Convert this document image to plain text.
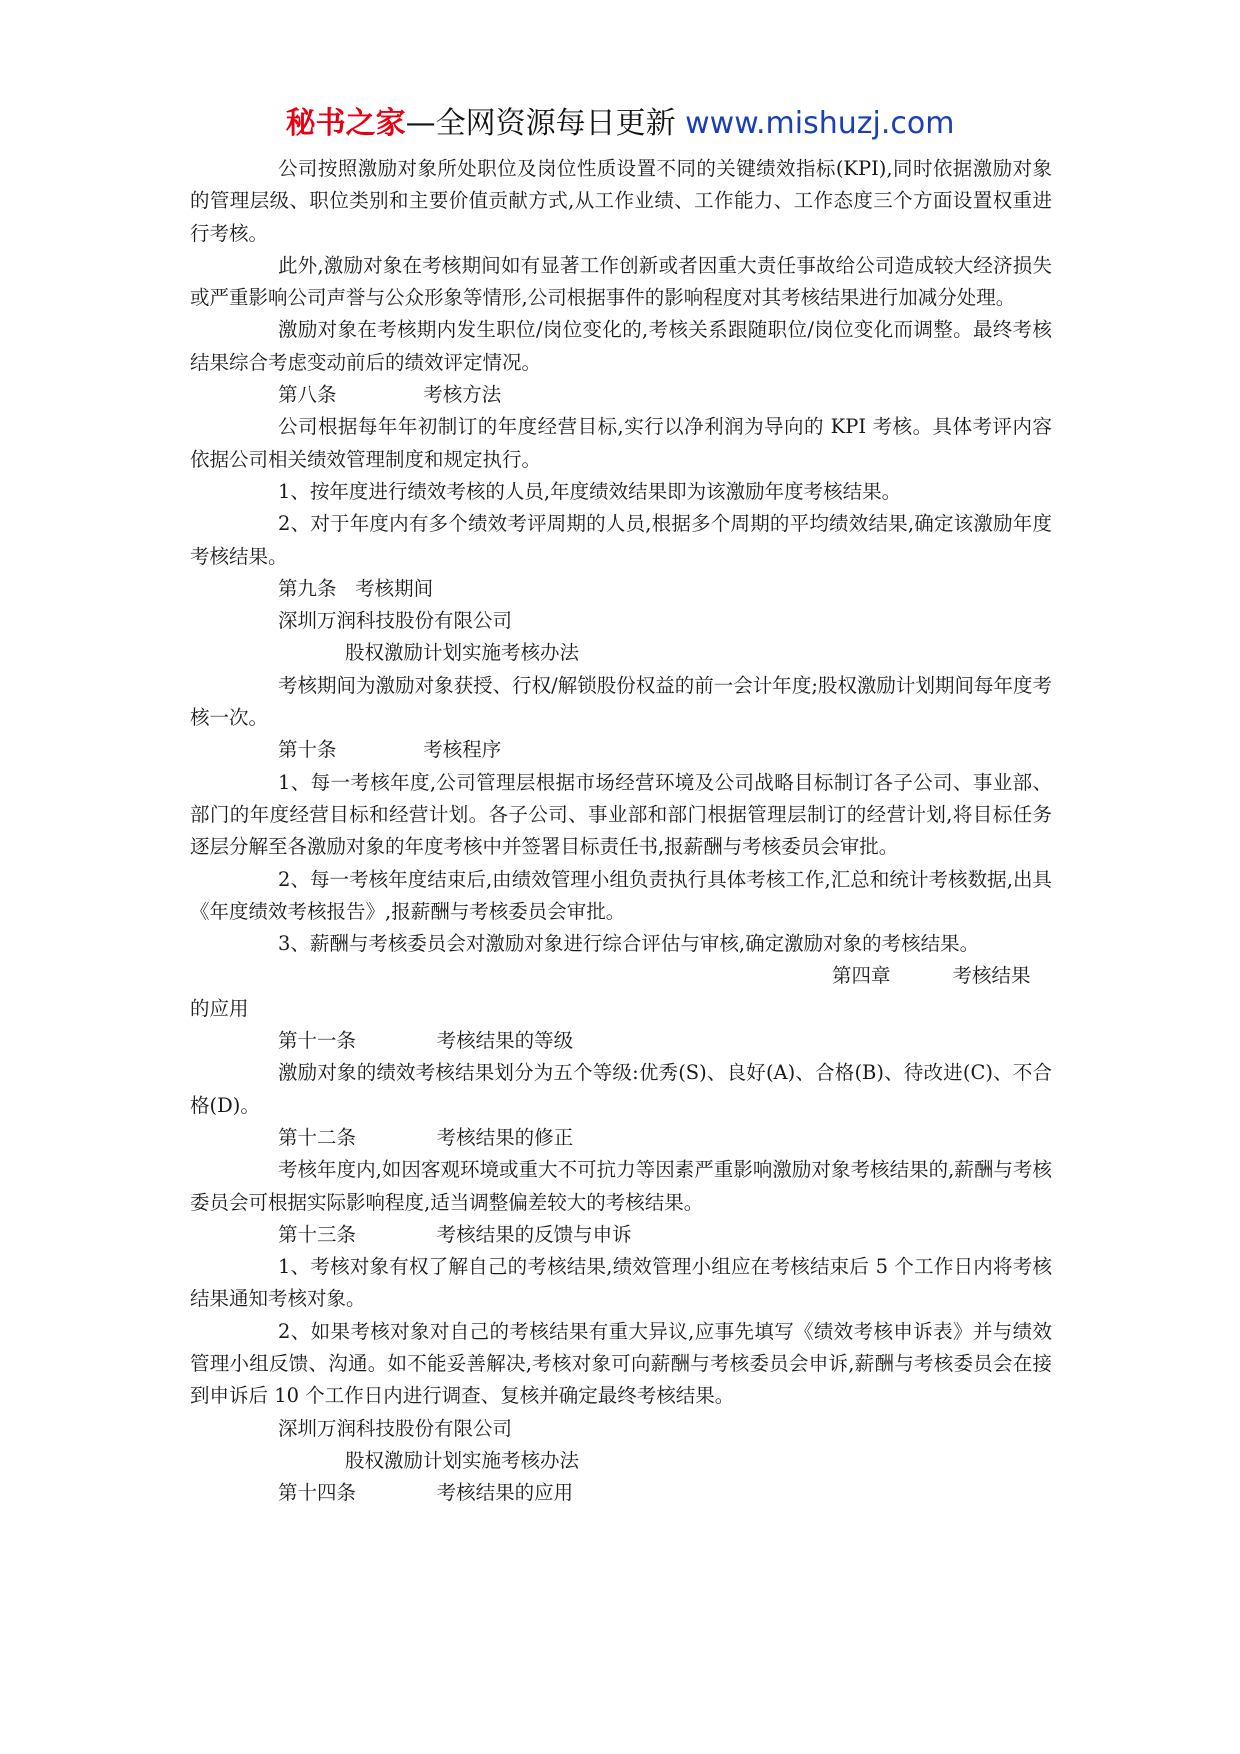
秘书之家—全网资源每日更新 www.mishuzj.com

公司按照激励对象所处职位及岗位性质设置不同的关键绩效指标(KPI),同时依据激励对象的管理层级、职位类别和主要价值贡献方式,从工作业绩、工作能力、工作态度三个方面设置权重进行考核。

此外,激励对象在考核期间如有显著工作创新或者因重大责任事故给公司造成较大经济损失或严重影响公司声誉与公众形象等情形,公司根据事件的影响程度对其考核结果进行加减分处理。

激励对象在考核期内发生职位/岗位变化的,考核关系跟随职位/岗位变化而调整。最终考核结果综合考虑变动前后的绩效评定情况。

第八条              考核方法

公司根据每年年初制订的年度经营目标,实行以净利润为导向的 KPI 考核。具体考评内容依据公司相关绩效管理制度和规定执行。

1、按年度进行绩效考核的人员,年度绩效结果即为该激励年度考核结果。

2、对于年度内有多个绩效考评周期的人员,根据多个周期的平均绩效结果,确定该激励年度考核结果。

第九条   考核期间

深圳万润科技股份有限公司

股权激励计划实施考核办法

考核期间为激励对象获授、行权/解锁股份权益的前一会计年度;股权激励计划期间每年度考核一次。

第十条              考核程序

1、每一考核年度,公司管理层根据市场经营环境及公司战略目标制订各子公司、事业部、部门的年度经营目标和经营计划。各子公司、事业部和部门根据管理层制订的经营计划,将目标任务逐层分解至各激励对象的年度考核中并签署目标责任书,报薪酬与考核委员会审批。

2、每一考核年度结束后,由绩效管理小组负责执行具体考核工作,汇总和统计考核数据,出具《年度绩效考核报告》,报薪酬与考核委员会审批。

3、薪酬与考核委员会对激励对象进行综合评估与审核,确定激励对象的考核结果。

第四章          考核结果

的应用

第十一条             考核结果的等级

激励对象的绩效考核结果划分为五个等级:优秀(S)、良好(A)、合格(B)、待改进(C)、不合格(D)。

第十二条             考核结果的修正

考核年度内,如因客观环境或重大不可抗力等因素严重影响激励对象考核结果的,薪酬与考核委员会可根据实际影响程度,适当调整偏差较大的考核结果。

第十三条             考核结果的反馈与申诉

1、考核对象有权了解自己的考核结果,绩效管理小组应在考核结束后 5 个工作日内将考核结果通知考核对象。

2、如果考核对象对自己的考核结果有重大异议,应事先填写《绩效考核申诉表》并与绩效管理小组反馈、沟通。如不能妥善解决,考核对象可向薪酬与考核委员会申诉,薪酬与考核委员会在接到申诉后 10 个工作日内进行调查、复核并确定最终考核结果。

深圳万润科技股份有限公司

股权激励计划实施考核办法

第十四条             考核结果的应用
